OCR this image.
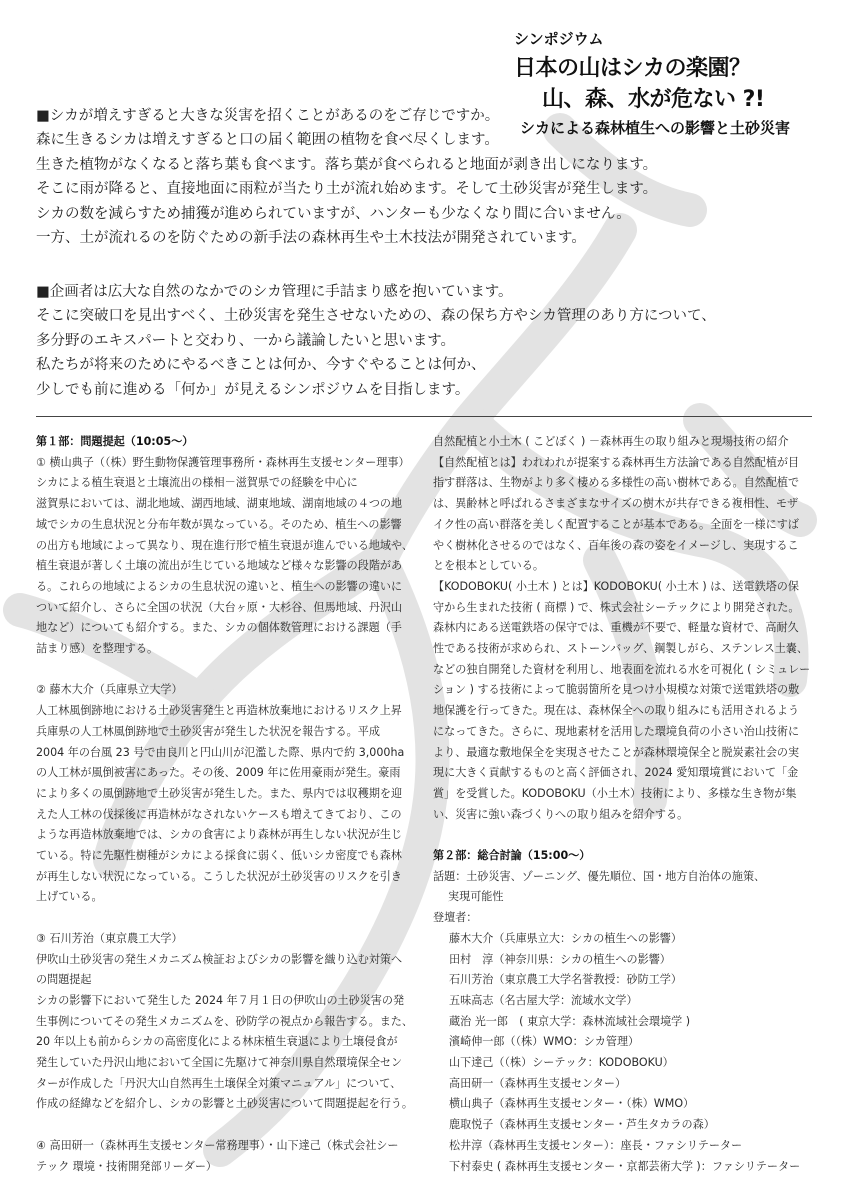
シンポジウム
日本の山はシカの楽園？
山、森、水が危ない ?!
シカによる森林植生への影響と土砂災害
■シカが増えすぎると大きな災害を招くことがあるのをご存じですか。
森に生きるシカは増えすぎると口の届く範囲の植物を食べ尽くします。
生きた植物がなくなると落ち葉も食べます。落ち葉が食べられると地面が剥き出しになります。
そこに雨が降ると、直接地面に雨粒が当たり土が流れ始めます。そして土砂災害が発生します。
シカの数を減らすため捕獲が進められていますが、ハンターも少なくなり間に合いません。
一方、土が流れるのを防ぐための新手法の森林再生や土木技法が開発されています。
■企画者は広大な自然のなかでのシカ管理に手詰まり感を抱いています。
そこに突破口を見出すべく、土砂災害を発生させないための、森の保ち方やシカ管理のあり方について、
多分野のエキスパートと交わり、一から議論したいと思います。
私たちが将来のためにやるべきことは何か、今すぐやることは何か、
少しでも前に進める「何か」が見えるシンポジウムを目指します。
第１部：問題提起（10:05〜）
① 横山典子（（株）野生動物保護管理事務所・森林再生支援センター理事）
シカによる植生衰退と土壌流出の様相－滋賀県での経験を中心に
滋賀県においては、湖北地域、湖西地域、湖東地域、湖南地域の４つの地
域でシカの生息状況と分布年数が異なっている。そのため、植生への影響
の出方も地域によって異なり、現在進行形で植生衰退が進んでいる地域や、
植生衰退が著しく土壌の流出が生じている地域など様々な影響の段階があ
る。これらの地域によるシカの生息状況の違いと、植生への影響の違いに
ついて紹介し、さらに全国の状況（大台ヶ原・大杉谷、但馬地域、丹沢山
地など）についても紹介する。また、シカの個体数管理における課題（手
詰まり感）を整理する。
② 藤木大介（兵庫県立大学）
人工林風倒跡地における土砂災害発生と再造林放棄地におけるリスク上昇
兵庫県の人工林風倒跡地で土砂災害が発生した状況を報告する。平成
2004 年の台風 23 号で由良川と円山川が氾濫した際、県内で約 3,000ha
の人工林が風倒被害にあった。その後、2009 年に佐用豪雨が発生。豪雨
により多くの風倒跡地で土砂災害が発生した。また、県内では収穫期を迎
えた人工林の伐採後に再造林がなされないケースも増えてきており、この
ような再造林放棄地では、シカの食害により森林が再生しない状況が生じ
ている。特に先駆性樹種がシカによる採食に弱く、低いシカ密度でも森林
が再生しない状況になっている。こうした状況が土砂災害のリスクを引き
上げている。
③ 石川芳治（東京農工大学）
伊吹山土砂災害の発生メカニズム検証およびシカの影響を織り込む対策へ
の問題提起
シカの影響下において発生した 2024 年７月１日の伊吹山の土砂災害の発
生事例についてその発生メカニズムを、砂防学の視点から報告する。また、
20 年以上も前からシカの高密度化による林床植生衰退により土壌侵食が
発生していた丹沢山地において全国に先駆けて神奈川県自然環境保全セン
ターが作成した「丹沢大山自然再生土壌保全対策マニュアル」について、
作成の経緯などを紹介し、シカの影響と土砂災害について問題提起を行う。
④ 高田研一（森林再生支援センター常務理事）・山下達己（株式会社シー
テック 環境・技術開発部リーダー）
自然配植と小土木 ( こどぼく ) －森林再生の取り組みと現場技術の紹介
【自然配植とは】われわれが提案する森林再生方法論である自然配植が目
指す群落は、生物がより多く棲める多様性の高い樹林である。自然配植で
は、異齢林と呼ばれるさまざまなサイズの樹木が共存できる複相性、モザ
イク性の高い群落を美しく配置することが基本である。全面を一様にすば
やく樹林化させるのではなく、百年後の森の姿をイメージし、実現するこ
とを根本としている。
【KODOBOKU( 小土木 ) とは】KODOBOKU( 小土木 ) は、送電鉄塔の保
守から生まれた技術 ( 商標 ) で、株式会社シーテックにより開発された。
森林内にある送電鉄塔の保守では、重機が不要で、軽量な資材で、高耐久
性である技術が求められ、ストーンバッグ、鋼製しがら、ステンレス土嚢、
などの独自開発した資材を利用し、地表面を流れる水を可視化 ( シミュレー
ション ) する技術によって脆弱箇所を見つけ小規模な対策で送電鉄塔の敷
地保護を行ってきた。現在は、森林保全への取り組みにも活用されるよう
になってきた。さらに、現地素材を活用した環境負荷の小さい治山技術に
より、最適な敷地保全を実現させたことが森林環境保全と脱炭素社会の実
現に大きく貢献するものと高く評価され、2024 愛知環境賞において「金
賞」を受賞した。KODOBOKU（小土木）技術により、多様な生き物が集
い、災害に強い森づくりへの取り組みを紹介する。
第２部：総合討論（15:00〜）
話題：土砂災害、ゾーニング、優先順位、国・地方自治体の施策、
実現可能性
登壇者：
藤木大介（兵庫県立大：シカの植生への影響）
田村　淳（神奈川県：シカの植生への影響）
石川芳治（東京農工大学名誉教授：砂防工学）
五味高志（名古屋大学：流域水文学）
蔵治 光一郎　( 東京大学：森林流域社会環境学 )
濱崎伸一郎（（株）WMO：シカ管理）
山下達己（（株）シーテック：KODOBOKU）
高田研一（森林再生支援センター）
横山典子（森林再生支援センター・（株）WMO）
鹿取悦子（森林再生支援センター・芦生タカラの森）
松井淳（森林再生支援センター）：座長・ファシリテーター
下村泰史 ( 森林再生支援センター・京都芸術大学 )：ファシリテーター
